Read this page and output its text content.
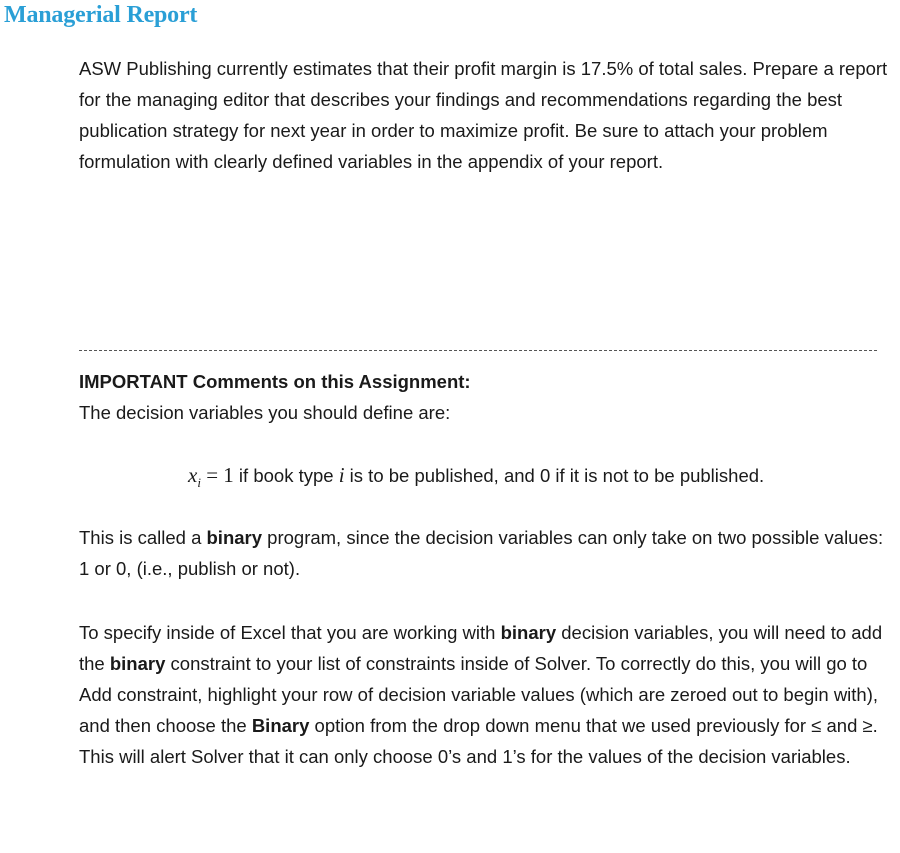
Managerial Report

ASW Publishing currently estimates that their profit margin is 17.5% of total sales. Prepare a report for the managing editor that describes your findings and recommendations regarding the best publication strategy for next year in order to maximize profit. Be sure to attach your problem formulation with clearly defined variables in the appendix of your report.

IMPORTANT Comments on this Assignment:
The decision variables you should define are:
$x_i = 1$ if book type i is to be published, and 0 if it is not to be published.

This is called a binary program, since the decision variables can only take on two possible values: 1 or 0, (i.e., publish or not).

To specify inside of Excel that you are working with binary decision variables, you will need to add the binary constraint to your list of constraints inside of Solver. To correctly do this, you will go to Add constraint, highlight your row of decision variable values (which are zeroed out to begin with), and then choose the Binary option from the drop down menu that we used previously for ≤ and ≥. This will alert Solver that it can only choose 0’s and 1’s for the values of the decision variables.
